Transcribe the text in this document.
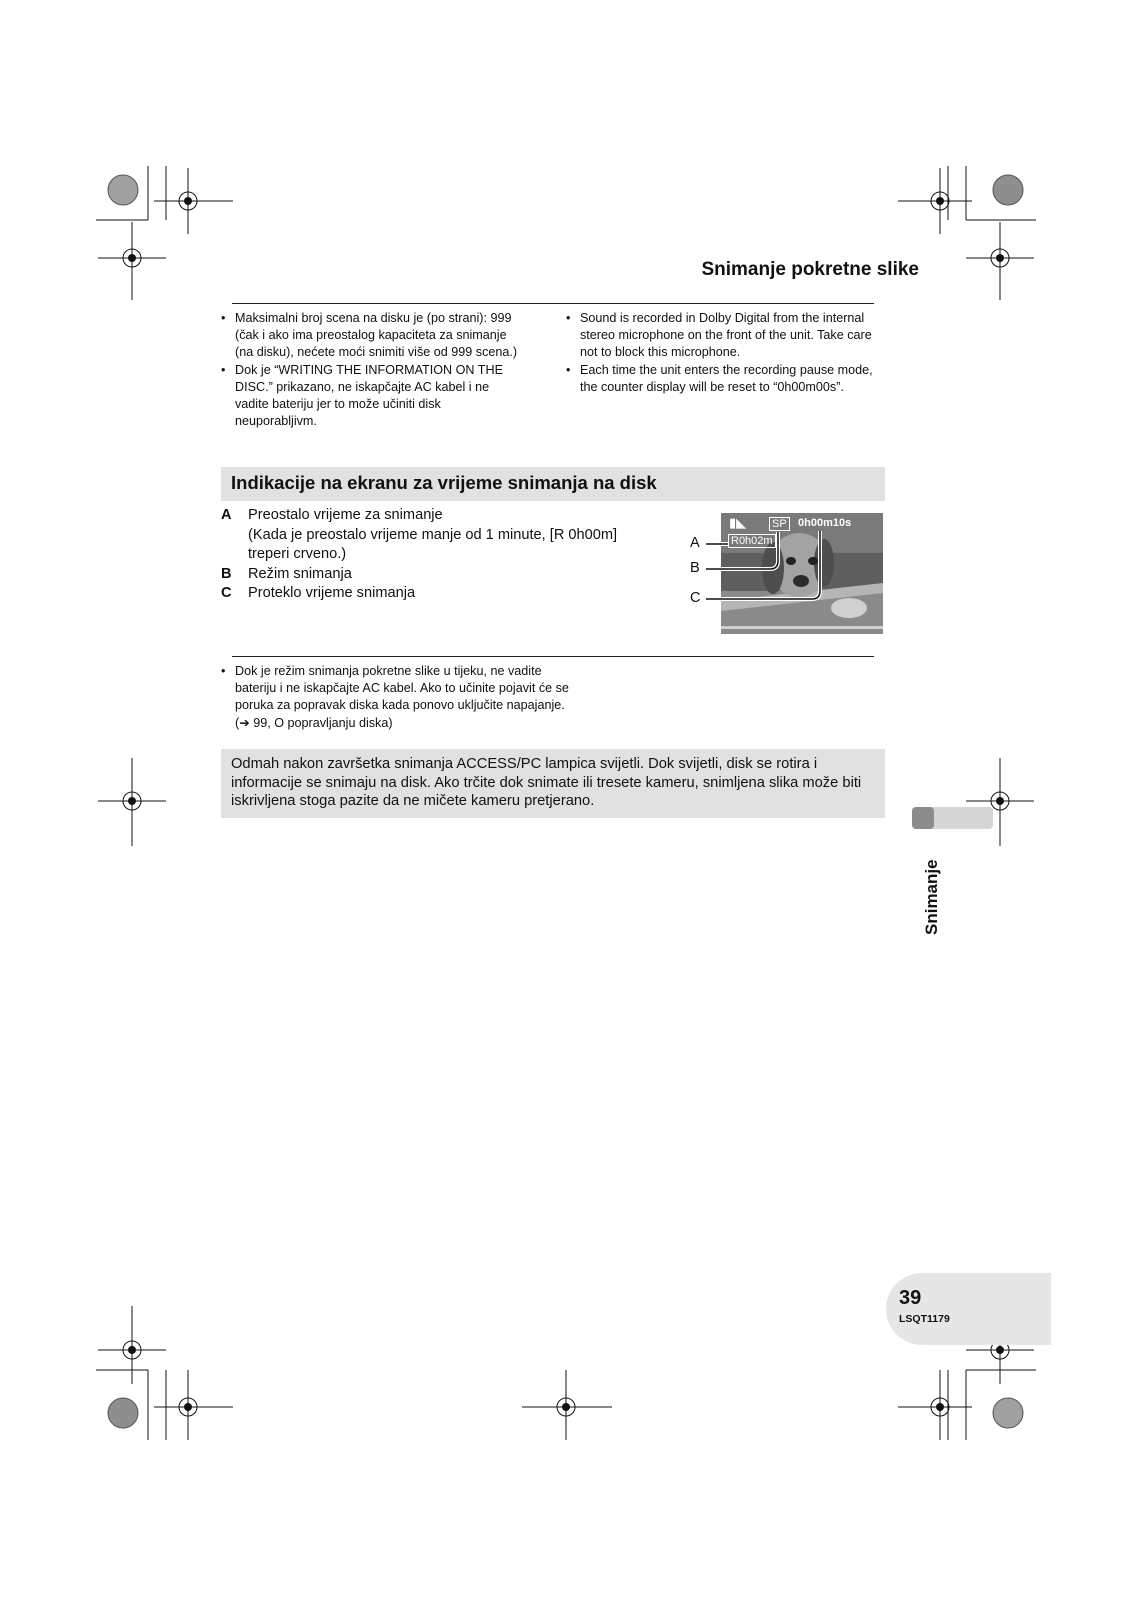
Snimanje pokretne slike
• Maksimalni broj scena na disku je (po strani): 999 (čak i ako ima preostalog kapaciteta za snimanje (na disku), nećete moći snimiti više od 999 scena.)
• Dok je “WRITING THE INFORMATION ON THE DISC.” prikazano, ne iskapčajte AC kabel i ne vadite bateriju jer to može učiniti disk neuporabljivm.
• Sound is recorded in Dolby Digital from the internal stereo microphone on the front of the unit. Take care not to block this microphone.
• Each time the unit enters the recording pause mode, the counter display will be reset to “0h00m00s”.
Indikacije na ekranu za vrijeme snimanja na disk
A	Preostalo vrijeme za snimanje
(Kada je preostalo vrijeme manje od 1 minute, [R 0h00m] treperi crveno.)
B	Režim snimanja
C	Proteklo vrijeme snimanja
▮◣ SP 0h00m10s
R0h02m
A
B
C
• Dok je režim snimanja pokretne slike u tijeku, ne vadite bateriju i ne iskapčajte AC kabel. Ako to učinite pojavit će se poruka za popravak diska kada ponovo uključite napajanje. (➔ 99, O popravljanju diska)

Odmah nakon završetka snimanja ACCESS/PC lampica svijetli. Dok svijetli, disk se rotira i informacije se snimaju na disk. Ako trčite dok snimate ili tresete kameru, snimljena slika može biti iskrivljena stoga pazite da ne mičete kameru pretjerano.

Snimanje
39
LSQT1179
